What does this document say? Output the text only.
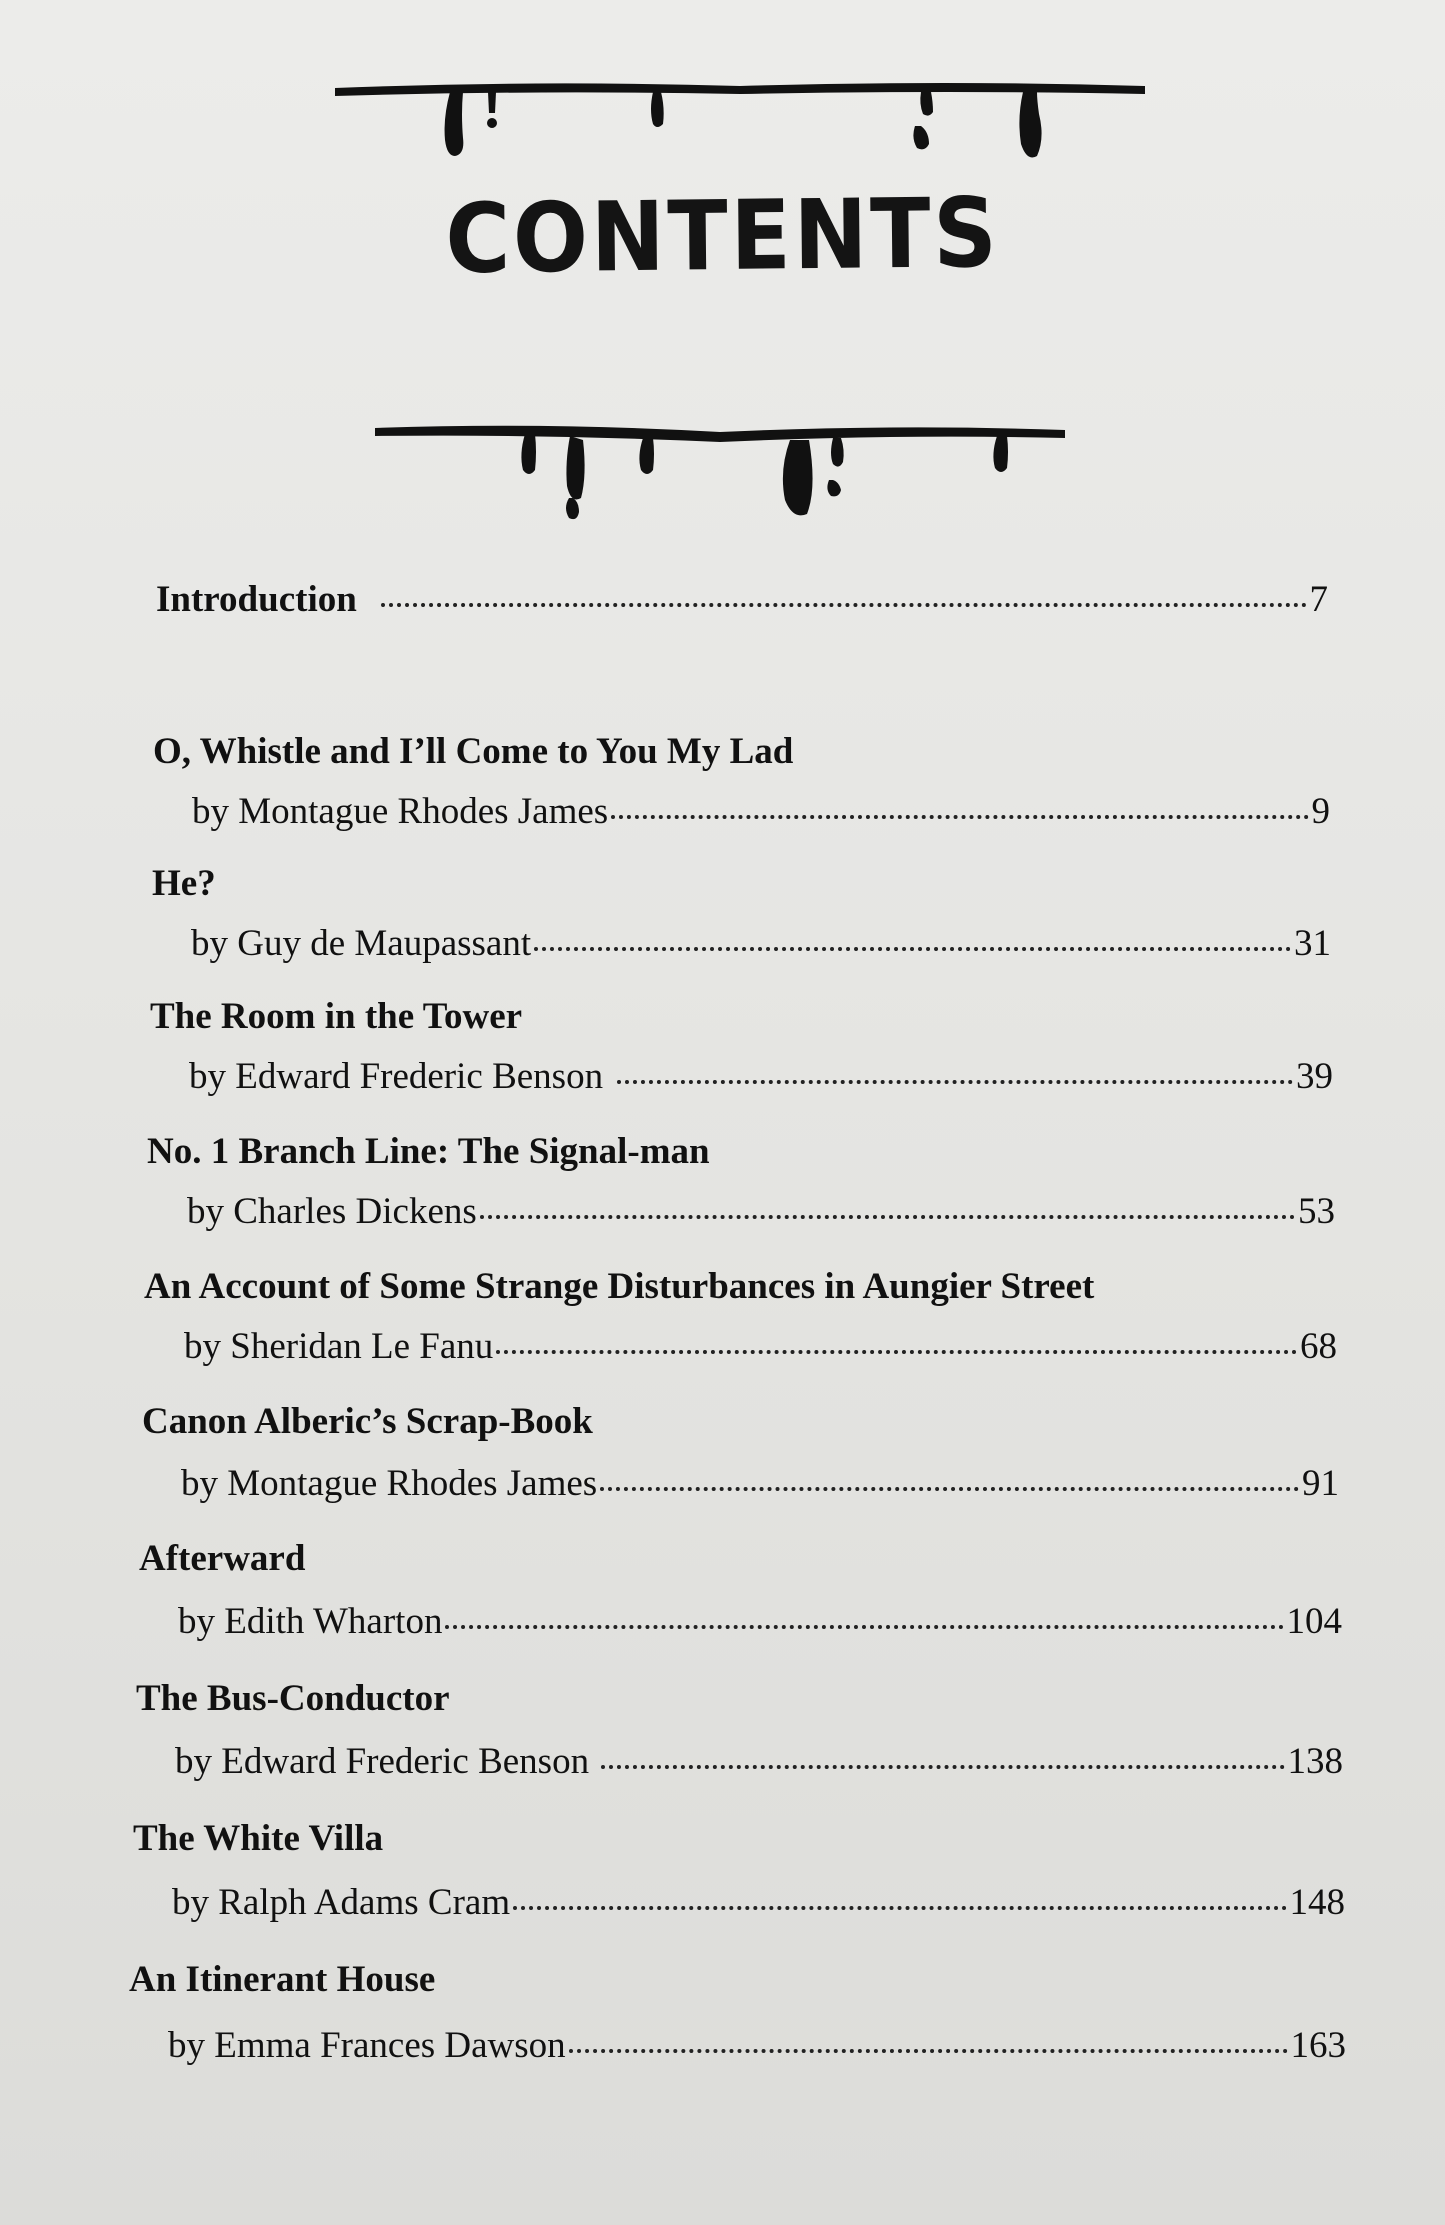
CONTENTS
Introduction	7
O, Whistle and I’ll Come to You My Lad
by Montague Rhodes James	9
He?
by Guy de Maupassant	31
The Room in the Tower
by Edward Frederic Benson	39
No. 1 Branch Line: The Signal-man
by Charles Dickens	53
An Account of Some Strange Disturbances in Aungier Street
by Sheridan Le Fanu	68
Canon Alberic’s Scrap-Book
by Montague Rhodes James	91
Afterward
by Edith Wharton	104
The Bus-Conductor
by Edward Frederic Benson	138
The White Villa
by Ralph Adams Cram	148
An Itinerant House
by Emma Frances Dawson	163
